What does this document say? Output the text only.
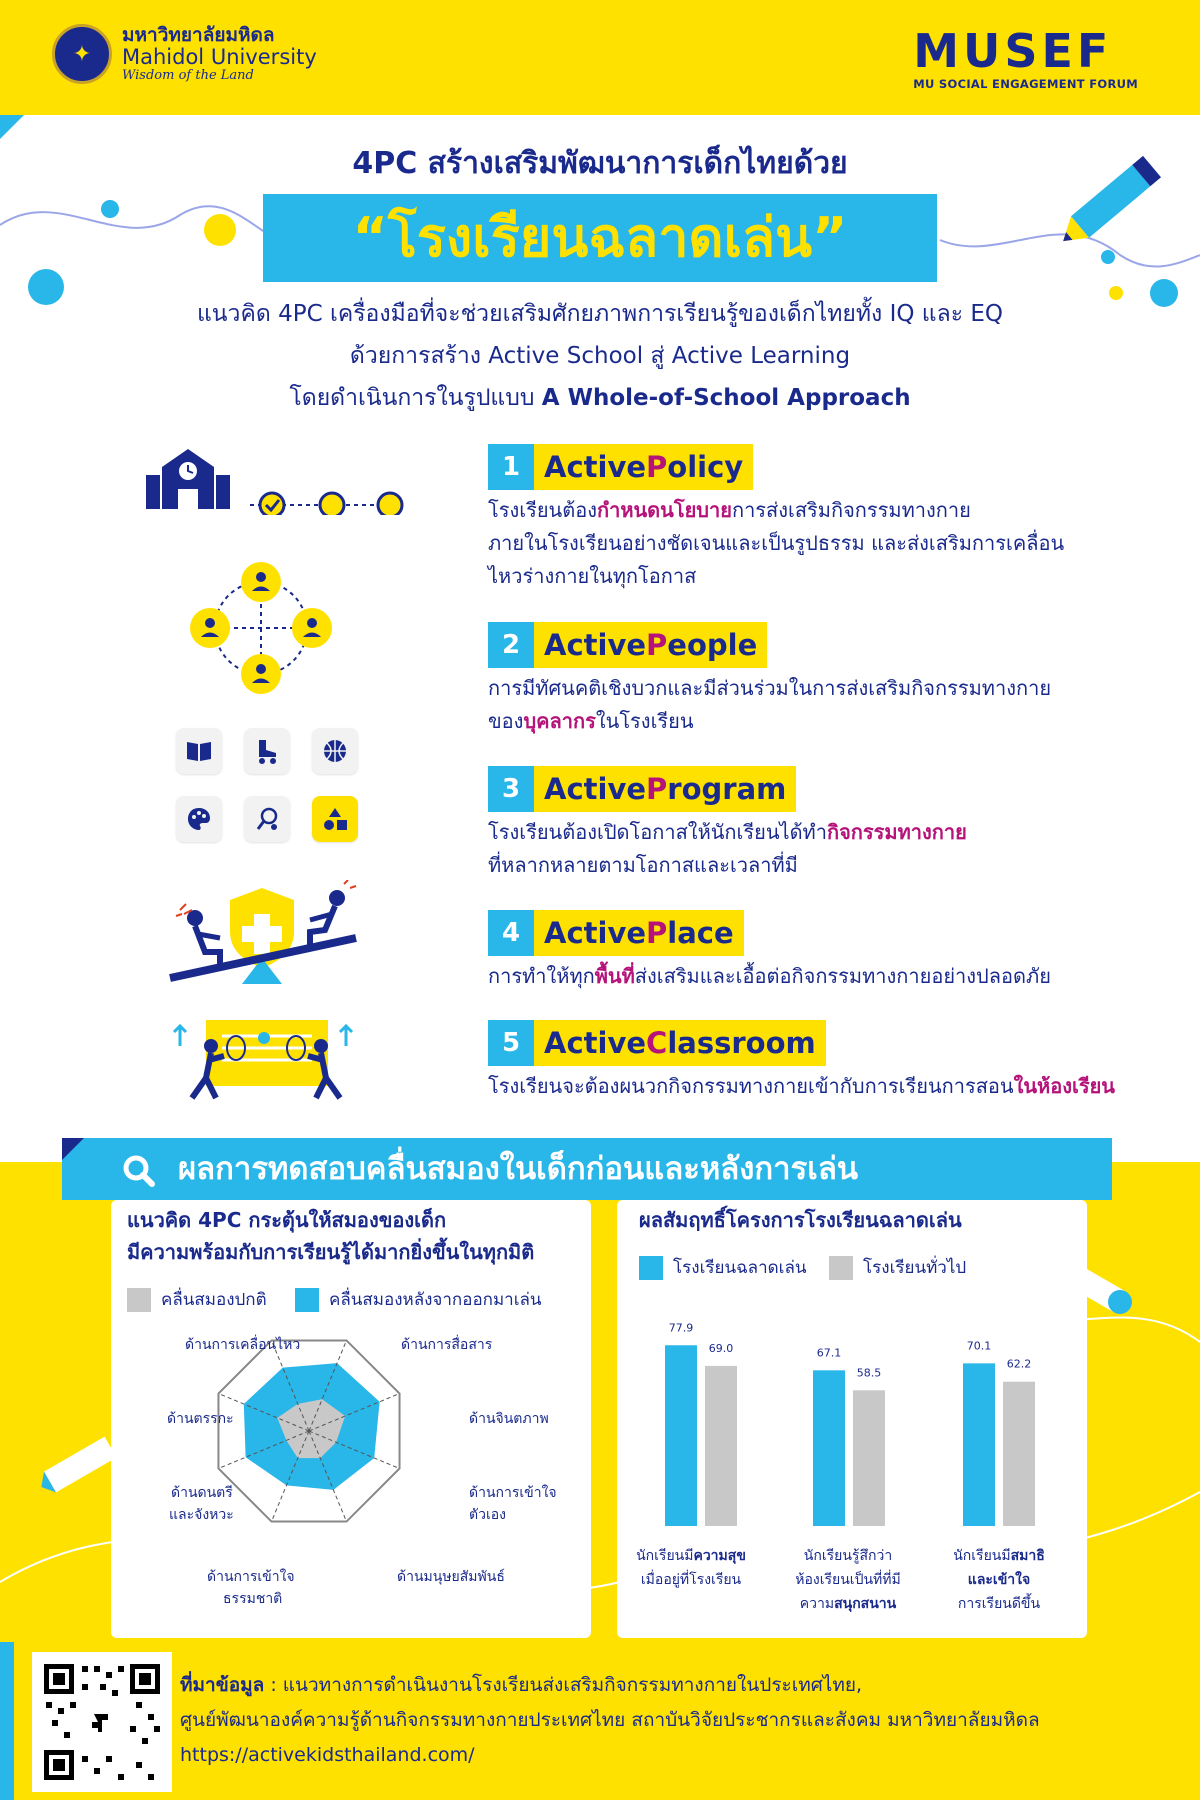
✦
มหาวิทยาลัยมหิดล
Mahidol University
Wisdom of the Land	MUSEF
MU SOCIAL ENGAGEMENT FORUM
4PC สร้างเสริมพัฒนาการเด็กไทยด้วย
“โรงเรียนฉลาดเล่น”
แนวคิด 4PC เครื่องมือที่จะช่วยเสริมศักยภาพการเรียนรู้ของเด็กไทยทั้ง IQ และ EQ
ด้วยการสร้าง Active School สู่ Active Learning
โดยดำเนินการในรูปแบบ A Whole-of-School Approach
1 Active P olicy
โรงเรียนต้องกำหนดนโยบายการส่งเสริมกิจกรรมทางกาย
ภายในโรงเรียนอย่างชัดเจนและเป็นรูปธรรม และส่งเสริมการเคลื่อน
ไหวร่างกายในทุกโอกาส
2 Active P eople
การมีทัศนคติเชิงบวกและมีส่วนร่วมในการส่งเสริมกิจกรรมทางกาย
ของบุคลากรในโรงเรียน
3 Active P rogram
โรงเรียนต้องเปิดโอกาสให้นักเรียนได้ทำกิจกรรมทางกาย
ที่หลากหลายตามโอกาสและเวลาที่มี
4 Active P lace
การทำให้ทุกพื้นที่ส่งเสริมและเอื้อต่อกิจกรรมทางกายอย่างปลอดภัย
5 Active C lassroom
โรงเรียนจะต้องผนวกกิจกรรมทางกายเข้ากับการเรียนการสอนในห้องเรียน
ผลการทดสอบคลื่นสมองในเด็กก่อนและหลังการเล่น
แนวคิด 4PC กระตุ้นให้สมองของเด็ก
มีความพร้อมกับการเรียนรู้ได้มากยิ่งขึ้นในทุกมิติ
คลื่นสมองปกติ	คลื่นสมองหลังจากออกมาเล่น
ด้านการสื่อสาร
ด้านจินตภาพ
ด้านการเข้าใจ
ตัวเอง
ด้านมนุษยสัมพันธ์
ด้านการเข้าใจ
ธรรมชาติ
ด้านดนตรี
และจังหวะ
ด้านตรรกะ
ด้านการเคลื่อนไหว
ผลสัมฤทธิ์โครงการโรงเรียนฉลาดเล่น
โรงเรียนฉลาดเล่น	โรงเรียนทั่วไป
77.9
69.0	67.1
58.5
70.1
62.2
นักเรียนมีความสุข
เมื่ออยู่ที่โรงเรียน
นักเรียนรู้สึกว่า
ห้องเรียนเป็นที่ที่มี
ความสนุกสนาน
นักเรียนมีสมาธิ
และเข้าใจ
การเรียนดีขึ้น
ที่มาข้อมูล : แนวทางการดำเนินงานโรงเรียนส่งเสริมกิจกรรมทางกายในประเทศไทย,
ศูนย์พัฒนาองค์ความรู้ด้านกิจกรรมทางกายประเทศไทย สถาบันวิจัยประชากรและสังคม มหาวิทยาลัยมหิดล
https://activekidsthailand.com/
